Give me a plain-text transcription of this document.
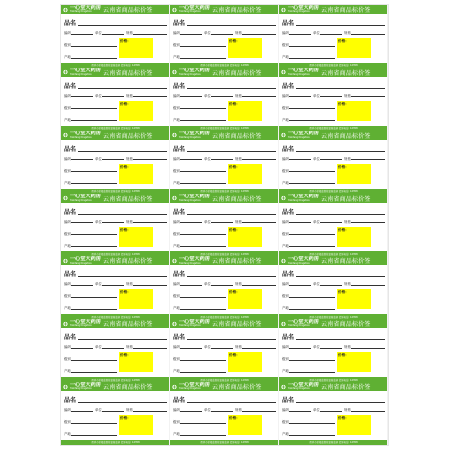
一心堂大药房
Yixintang Drugstore	云南省商品标价签
品名
编码	单位	规格
级别
价格：
产地
黄河市价格监督检查局监制 投诉电话: 12358
一心堂大药房
Yixintang Drugstore	云南省商品标价签
品名
编码	单位	规格
级别
价格：
产地
黄河市价格监督检查局监制 投诉电话: 12358
一心堂大药房
Yixintang Drugstore	云南省商品标价签
品名
编码	单位	规格
级别
价格：
产地
黄河市价格监督检查局监制 投诉电话: 12358
一心堂大药房
Yixintang Drugstore	云南省商品标价签
品名
编码	单位	规格
级别
价格：
产地
黄河市价格监督检查局监制 投诉电话: 12358
一心堂大药房
Yixintang Drugstore	云南省商品标价签
品名
编码	单位	规格
级别
价格：
产地
黄河市价格监督检查局监制 投诉电话: 12358
一心堂大药房
Yixintang Drugstore	云南省商品标价签
品名
编码	单位	规格
级别
价格：
产地
黄河市价格监督检查局监制 投诉电话: 12358
一心堂大药房
Yixintang Drugstore	云南省商品标价签
品名
编码	单位	规格
级别
价格：
产地
黄河市价格监督检查局监制 投诉电话: 12358
一心堂大药房
Yixintang Drugstore	云南省商品标价签
品名
编码	单位	规格
级别
价格：
产地
黄河市价格监督检查局监制 投诉电话: 12358
一心堂大药房
Yixintang Drugstore	云南省商品标价签
品名
编码	单位	规格
级别
价格：
产地
黄河市价格监督检查局监制 投诉电话: 12358
一心堂大药房
Yixintang Drugstore	云南省商品标价签
品名
编码	单位	规格
级别
价格：
产地
黄河市价格监督检查局监制 投诉电话: 12358
一心堂大药房
Yixintang Drugstore	云南省商品标价签
品名
编码	单位	规格
级别
价格：
产地
黄河市价格监督检查局监制 投诉电话: 12358
一心堂大药房
Yixintang Drugstore	云南省商品标价签
品名
编码	单位	规格
级别
价格：
产地
黄河市价格监督检查局监制 投诉电话: 12358
一心堂大药房
Yixintang Drugstore	云南省商品标价签
品名
编码	单位	规格
级别
价格：
产地
黄河市价格监督检查局监制 投诉电话: 12358
一心堂大药房
Yixintang Drugstore	云南省商品标价签
品名
编码	单位	规格
级别
价格：
产地
黄河市价格监督检查局监制 投诉电话: 12358
一心堂大药房
Yixintang Drugstore	云南省商品标价签
品名
编码	单位	规格
级别
价格：
产地
黄河市价格监督检查局监制 投诉电话: 12358
一心堂大药房
Yixintang Drugstore	云南省商品标价签
品名
编码	单位	规格
级别
价格：
产地
黄河市价格监督检查局监制 投诉电话: 12358
一心堂大药房
Yixintang Drugstore	云南省商品标价签
品名
编码	单位	规格
级别
价格：
产地
黄河市价格监督检查局监制 投诉电话: 12358
一心堂大药房
Yixintang Drugstore	云南省商品标价签
品名
编码	单位	规格
级别
价格：
产地
黄河市价格监督检查局监制 投诉电话: 12358
一心堂大药房
Yixintang Drugstore	云南省商品标价签
品名
编码	单位	规格
级别
价格：
产地
黄河市价格监督检查局监制 投诉电话: 12358
一心堂大药房
Yixintang Drugstore	云南省商品标价签
品名
编码	单位	规格
级别
价格：
产地
黄河市价格监督检查局监制 投诉电话: 12358
一心堂大药房
Yixintang Drugstore	云南省商品标价签
品名
编码	单位	规格
级别
价格：
产地
黄河市价格监督检查局监制 投诉电话: 12358
